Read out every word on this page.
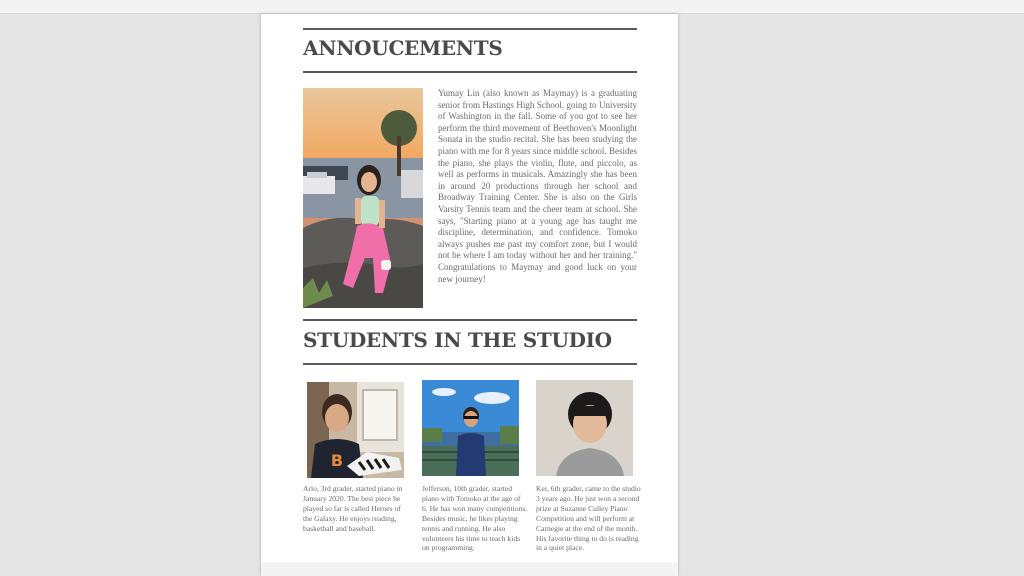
ANNOUCEMENTS

Yumay Lin (also known as Maymay) is a graduating senior from Hastings High School, going to University of Washington in the fall. Some of you got to see her perform the third movement of Beethoven's Moonlight Sonata in the studio recital. She has been studying the piano with me for 8 years since middle school. Besides the piano, she plays the violin, flute, and piccolo, as well as performs in musicals. Amazingly she has been in around 20 productions through her school and Broadway Training Center. She is also on the Girls Varsity Tennis team and the cheer team at school. She says, "Starting piano at a young age has taught me discipline, determination, and confidence. Tomoko always pushes me past my comfort zone, but I would not be where I am today without her and her training." Congratulations to Maymay and good luck on your new journey!

STUDENTS IN THE STUDIO
B

Arlo, 3rd grader, started piano in January 2020. The best piece he played so far is called Heroes of the Galaxy. He enjoys reading, basketball and baseball.

Jefferson, 10th grader, started piano with Tomoko at the age of 6. He has won many competitions. Besides music, he likes playing tennis and running. He also volunteers his time to teach kids on programming.

Kei, 6th grader, came to the studio 3 years ago. He just won a second prize at Suzanne Culley Piano Competition and will perform at Carnegie at the end of the month. His favorite thing to do is reading in a quiet place.
